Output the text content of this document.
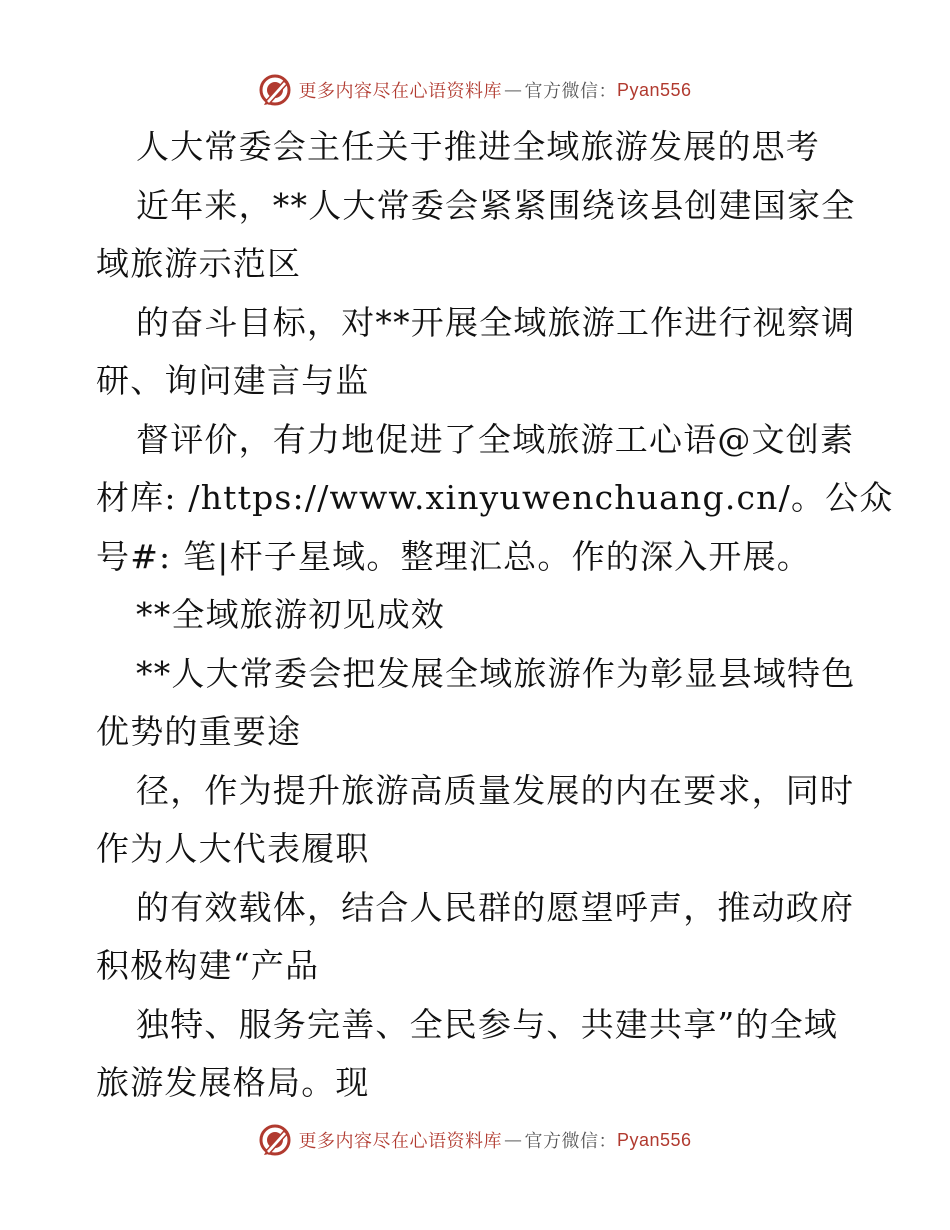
更多内容尽在心语资料库 — 官方微信： Pyan556
人大常委会主任关于推进全域旅游发展的思考
近年来，**人大常委会紧紧围绕该县创建国家全
域旅游示范区
的奋斗目标，对**开展全域旅游工作进行视察调
研、询问建言与监
督评价，有力地促进了全域旅游工心语@文创素
材库: /https://www.xinyuwenchuang.cn/。公众
号#: 笔|杆子星域。整理汇总。作的深入开展。
**全域旅游初见成效
**人大常委会把发展全域旅游作为彰显县域特色
优势的重要途
径，作为提升旅游高质量发展的内在要求，同时
作为人大代表履职
的有效载体，结合人民群的愿望呼声，推动政府
积极构建“产品
独特、服务完善、全民参与、共建共享”的全域
旅游发展格局。现
更多内容尽在心语资料库 — 官方微信： Pyan556
